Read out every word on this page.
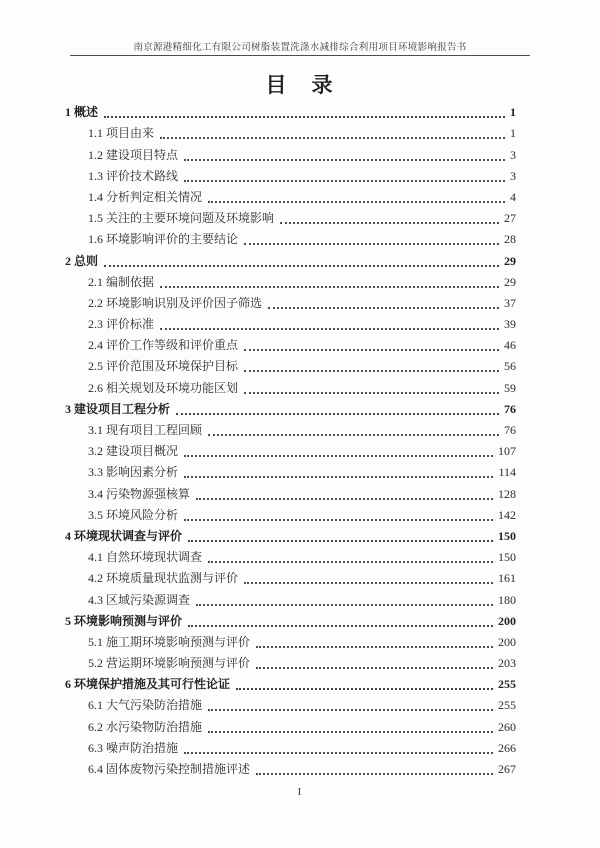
南京源港精细化工有限公司树脂装置洗涤水减排综合利用项目环境影响报告书
目　录
1 概述	1
1.1 项目由来	1
1.2 建设项目特点	3
1.3 评价技术路线	3
1.4 分析判定相关情况	4
1.5 关注的主要环境问题及环境影响	27
1.6 环境影响评价的主要结论	28
2 总则	29
2.1 编制依据	29
2.2 环境影响识别及评价因子筛选	37
2.3 评价标准	39
2.4 评价工作等级和评价重点	46
2.5 评价范围及环境保护目标	56
2.6 相关规划及环境功能区划	59
3 建设项目工程分析	76
3.1 现有项目工程回顾	76
3.2 建设项目概况	107
3.3 影响因素分析	114
3.4 污染物源强核算	128
3.5 环境风险分析	142
4 环境现状调查与评价	150
4.1 自然环境现状调查	150
4.2 环境质量现状监测与评价	161
4.3 区域污染源调查	180
5 环境影响预测与评价	200
5.1 施工期环境影响预测与评价	200
5.2 营运期环境影响预测与评价	203
6 环境保护措施及其可行性论证	255
6.1 大气污染防治措施	255
6.2 水污染物防治措施	260
6.3 噪声防治措施	266
6.4 固体废物污染控制措施评述	267
I
